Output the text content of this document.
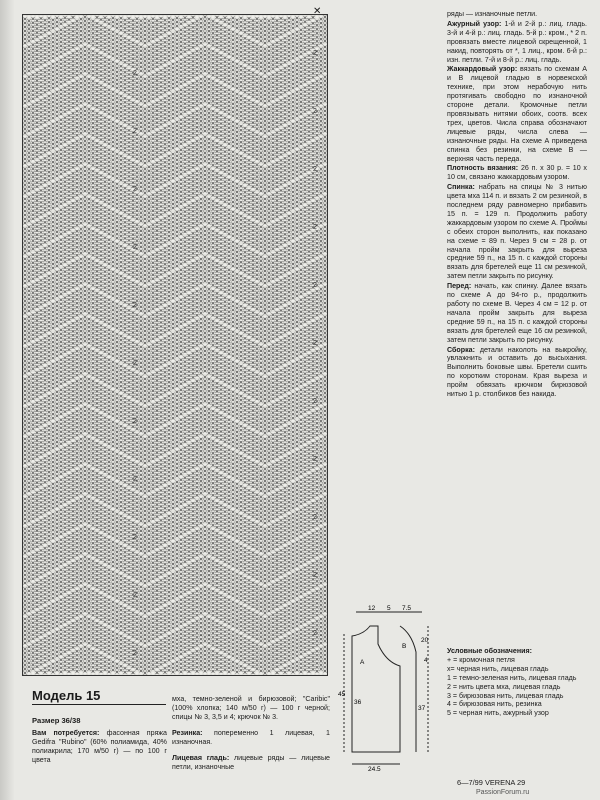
2
2
2
2
2
2
2
2
2
2
2
2
2
2
2
2
2
2
2
2
2
2
✕	ряды — изнаночные петли.

Ажурный узор: 1-й и 2-й р.: лиц. гладь. 3-й и 4-й р.: лиц. гладь. 5-й р.: кром., * 2 п. провязать вместе лицевой скрещенной, 1 накид, повторять от *, 1 лиц., кром. 6-й р.: изн. петли. 7-й и 8-й р.: лиц. гладь.

Жаккардовый узор: вязать по схемам А и В лицевой гладью в норвежской технике, при этом нерабочую нить протягивать свободно по изнаночной стороне детали. Кромочные петли провязывать нитями обоих, соотв. всех трех, цветов. Числа справа обозначают лицевые ряды, числа слева — изнаночные ряды. На схеме А приведена спинка без резинки, на схеме В — верхняя часть переда.

Плотность вязания: 26 п. х 30 р. = 10 х 10 см, связано жаккардовым узором.

Спинка: набрать на спицы № 3 нитью цвета мха 114 п. и вязать 2 см резинкой, в последнем ряду равномерно прибавить 15 п. = 129 п. Продолжить работу жаккардовым узором по схеме А. Проймы с обеих сторон выполнить, как показано на схеме = 89 п. Через 9 см = 28 р. от начала пройм закрыть для выреза средние 59 п., на 15 п. с каждой стороны вязать для бретелей еще 11 см резинкой, затем петли закрыть по рисунку.

Перед: начать, как спинку. Далее вязать по схеме А до 94-го р., продолжить работу по схеме В. Через 4 см = 12 р. от начала пройм закрыть для выреза средние 59 п., на 15 п. с каждой стороны вязать для бретелей еще 16 см резинкой, затем петли закрыть по рисунку.

Сборка: детали наколоть на выкройку, увлажнить и оставить до высыхания. Выполнить боковые швы. Бретели сшить по коротким сторонам. Края выреза и пройм обвязать крючком бирюзовой нитью 1 р. столбиков без накида.

Модель 15
Размер 36/38
Вам потребуется: фасонная пряжа Gedifra "Rubino" (60% полиамида, 40% полиакрила; 170 м/50 г) — по 100 г цвета

мха, темно-зеленой и бирюзовой; "Caribic" (100% хлопка; 140 м/50 г) — 100 г черной; спицы № 3, 3,5 и 4; крючок № 3.

Резинка: попеременно 1 лицевая, 1 изнаночная.

Лицевая гладь: лицевые ряды — лицевые петли, изнаночные

12 5 7.5
45
36
20
4
37
24.5
A
B
Условные обозначения:
+ = кромочная петля
x= черная нить, лицевая гладь
1 = темно-зеленая нить, лицевая гладь
2 = нить цвета мха, лицевая гладь
3 = бирюзовая нить, лицевая гладь
4 = бирюзовая нить, резинка
5 = черная нить, ажурный узор
6—7/99 VERENA 29
PassionForum.ru
